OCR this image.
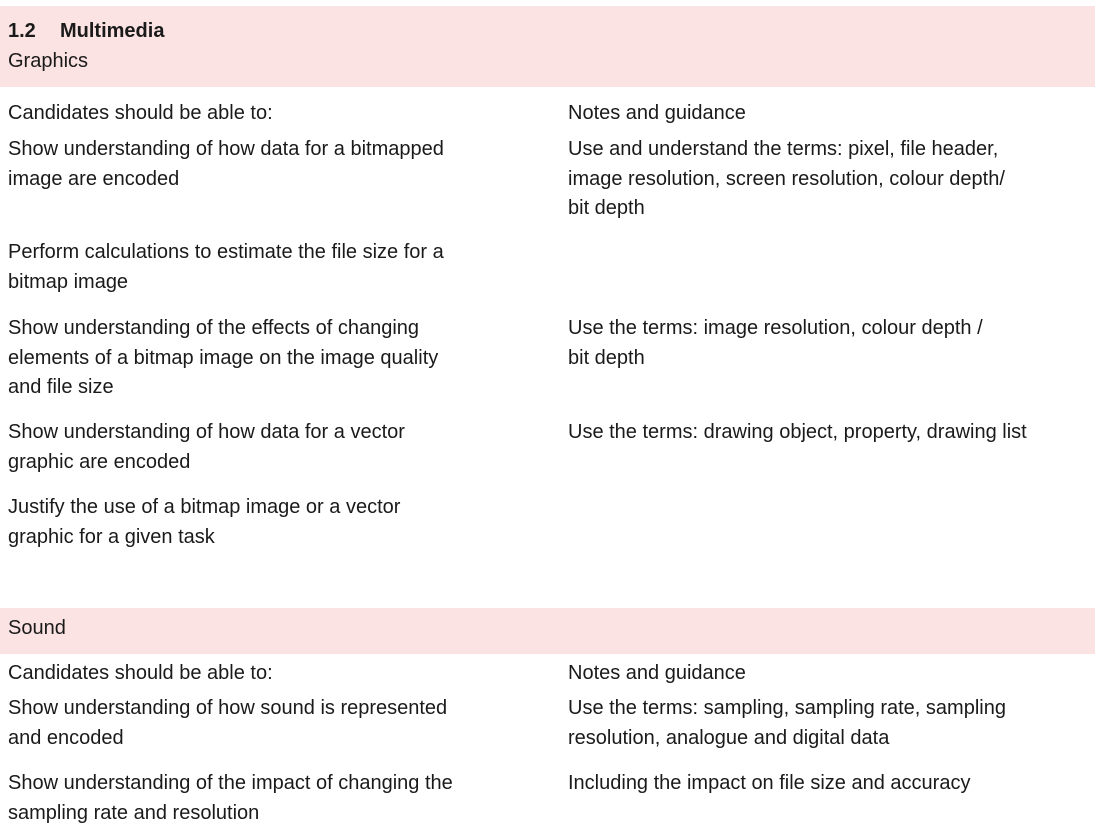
1.2 Multimedia
Graphics
Candidates should be able to:	Notes and guidance
Show understanding of how data for a bitmapped
image are encoded
Use and understand the terms: pixel, file header,
image resolution, screen resolution, colour depth/
bit depth
Perform calculations to estimate the file size for a
bitmap image
Show understanding of the effects of changing
elements of a bitmap image on the image quality
and file size
Use the terms: image resolution, colour depth /
bit depth
Show understanding of how data for a vector
graphic are encoded
Use the terms: drawing object, property, drawing list
Justify the use of a bitmap image or a vector
graphic for a given task
Sound
Candidates should be able to:	Notes and guidance
Show understanding of how sound is represented
and encoded
Use the terms: sampling, sampling rate, sampling
resolution, analogue and digital data
Show understanding of the impact of changing the
sampling rate and resolution
Including the impact on file size and accuracy
